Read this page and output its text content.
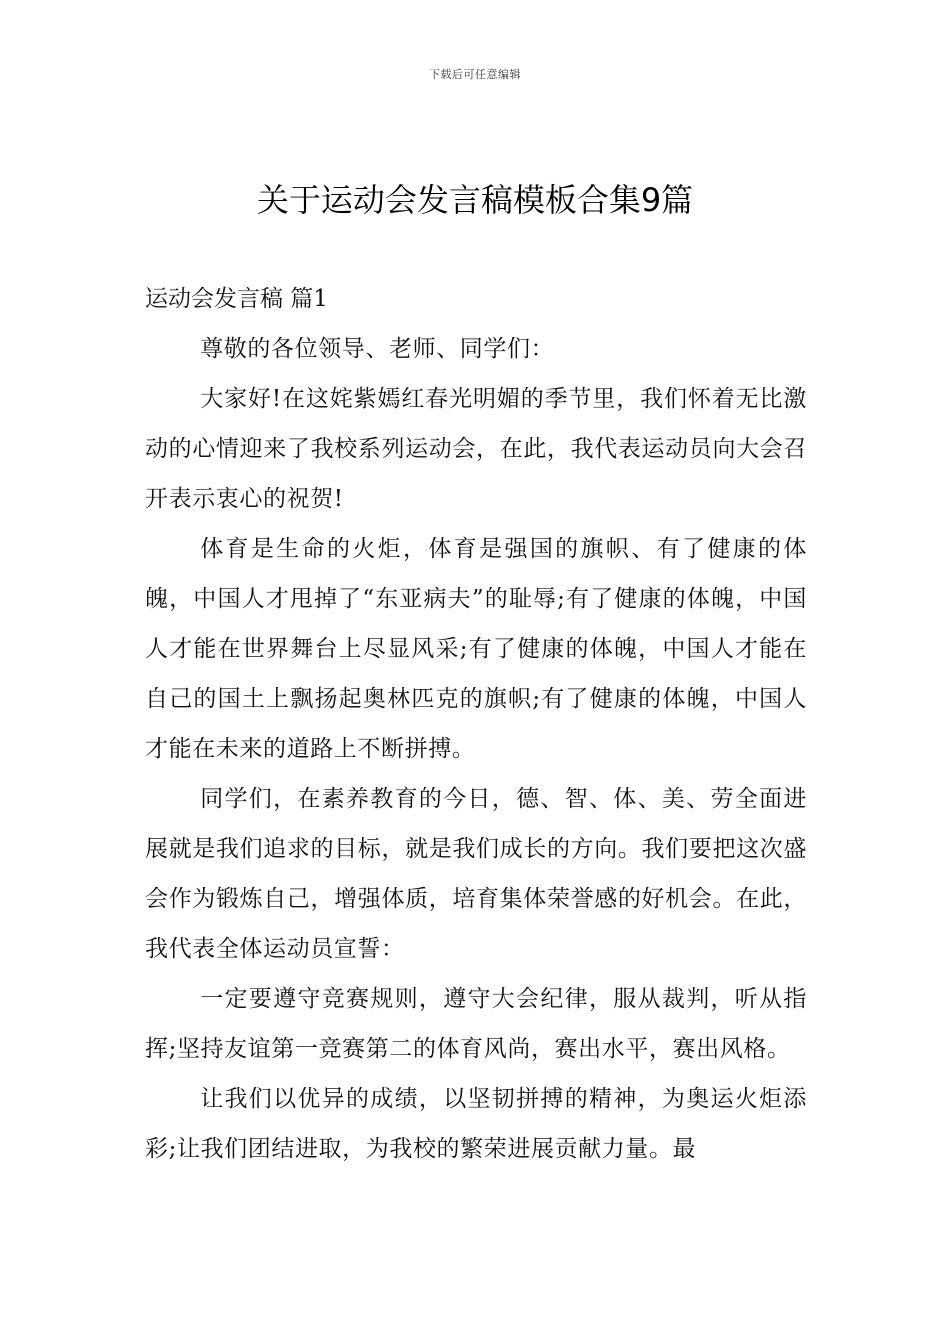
下载后可任意编辑
关于运动会发言稿模板合集9篇

运动会发言稿 篇1

尊敬的各位领导、老师、同学们：

大家好!在这姹紫嫣红春光明媚的季节里，我们怀着无比激动的心情迎来了我校系列运动会，在此，我代表运动员向大会召开表示衷心的祝贺!

体育是生命的火炬，体育是强国的旗帜、有了健康的体魄，中国人才甩掉了“东亚病夫”的耻辱;有了健康的体魄，中国人才能在世界舞台上尽显风采;有了健康的体魄，中国人才能在自己的国土上飘扬起奥林匹克的旗帜;有了健康的体魄，中国人才能在未来的道路上不断拼搏。

同学们，在素养教育的今日，德、智、体、美、劳全面进展就是我们追求的目标，就是我们成长的方向。我们要把这次盛会作为锻炼自己，增强体质，培育集体荣誉感的好机会。在此，我代表全体运动员宣誓：

一定要遵守竞赛规则，遵守大会纪律，服从裁判，听从指挥;坚持友谊第一竞赛第二的体育风尚，赛出水平，赛出风格。

让我们以优异的成绩，以坚韧拼搏的精神，为奥运火炬添彩;让我们团结进取，为我校的繁荣进展贡献力量。最
